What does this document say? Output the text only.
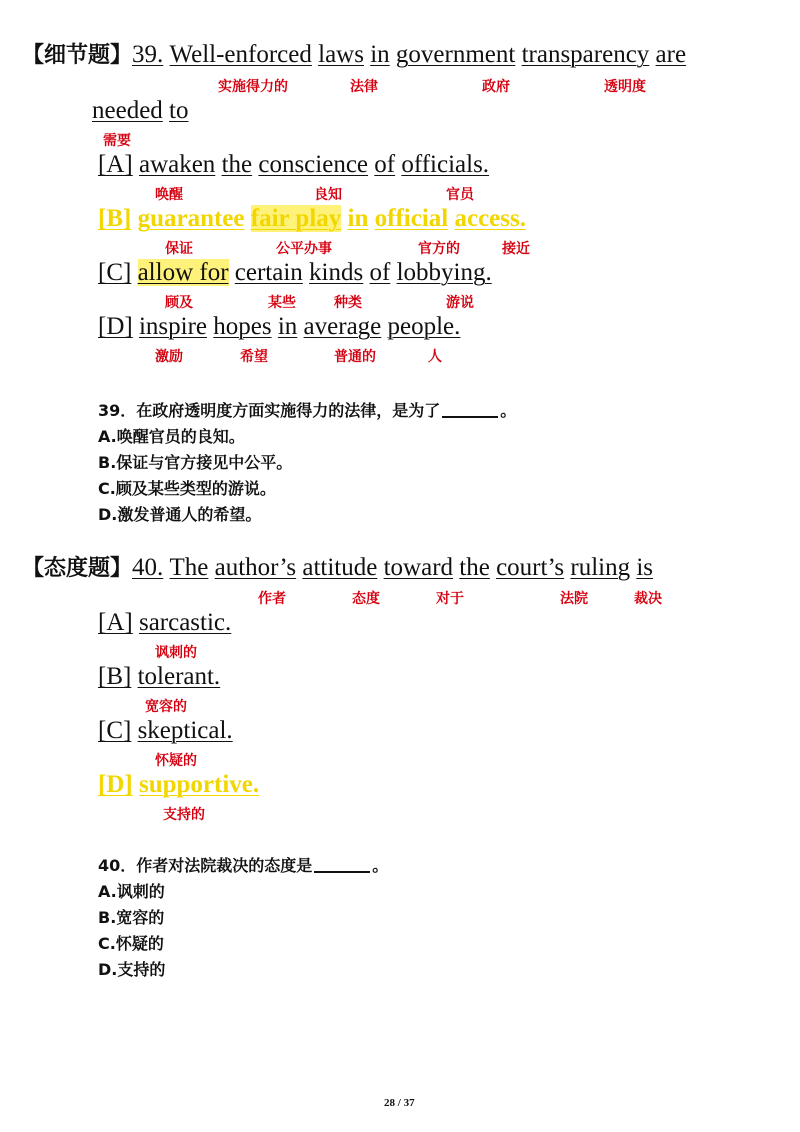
【细节题】39. Well-enforced laws in government transparency are
实施得力的	法律	政府	透明度
needed to
需要
[A] awaken the conscience of officials.
唤醒	良知	官员
[B] guarantee fair play in official access.
保证	公平办事	官方的	接近
[C] allow for certain kinds of lobbying.
顾及	某些	种类	游说
[D] inspire hopes in average people.
激励	希望	普通的	人
39．在政府透明度方面实施得力的法律，是为了	。
A.唤醒官员的良知。
B.保证与官方接见中公平。
C.顾及某些类型的游说。
D.激发普通人的希望。
【态度题】40. The author’s attitude toward the court’s ruling is
作者	态度	对于	法院	裁决
[A] sarcastic.
讽刺的
[B] tolerant.
宽容的
[C] skeptical.
怀疑的
[D] supportive.
支持的
40．作者对法院裁决的态度是	。
A.讽刺的
B.宽容的
C.怀疑的
D.支持的
28 / 37
